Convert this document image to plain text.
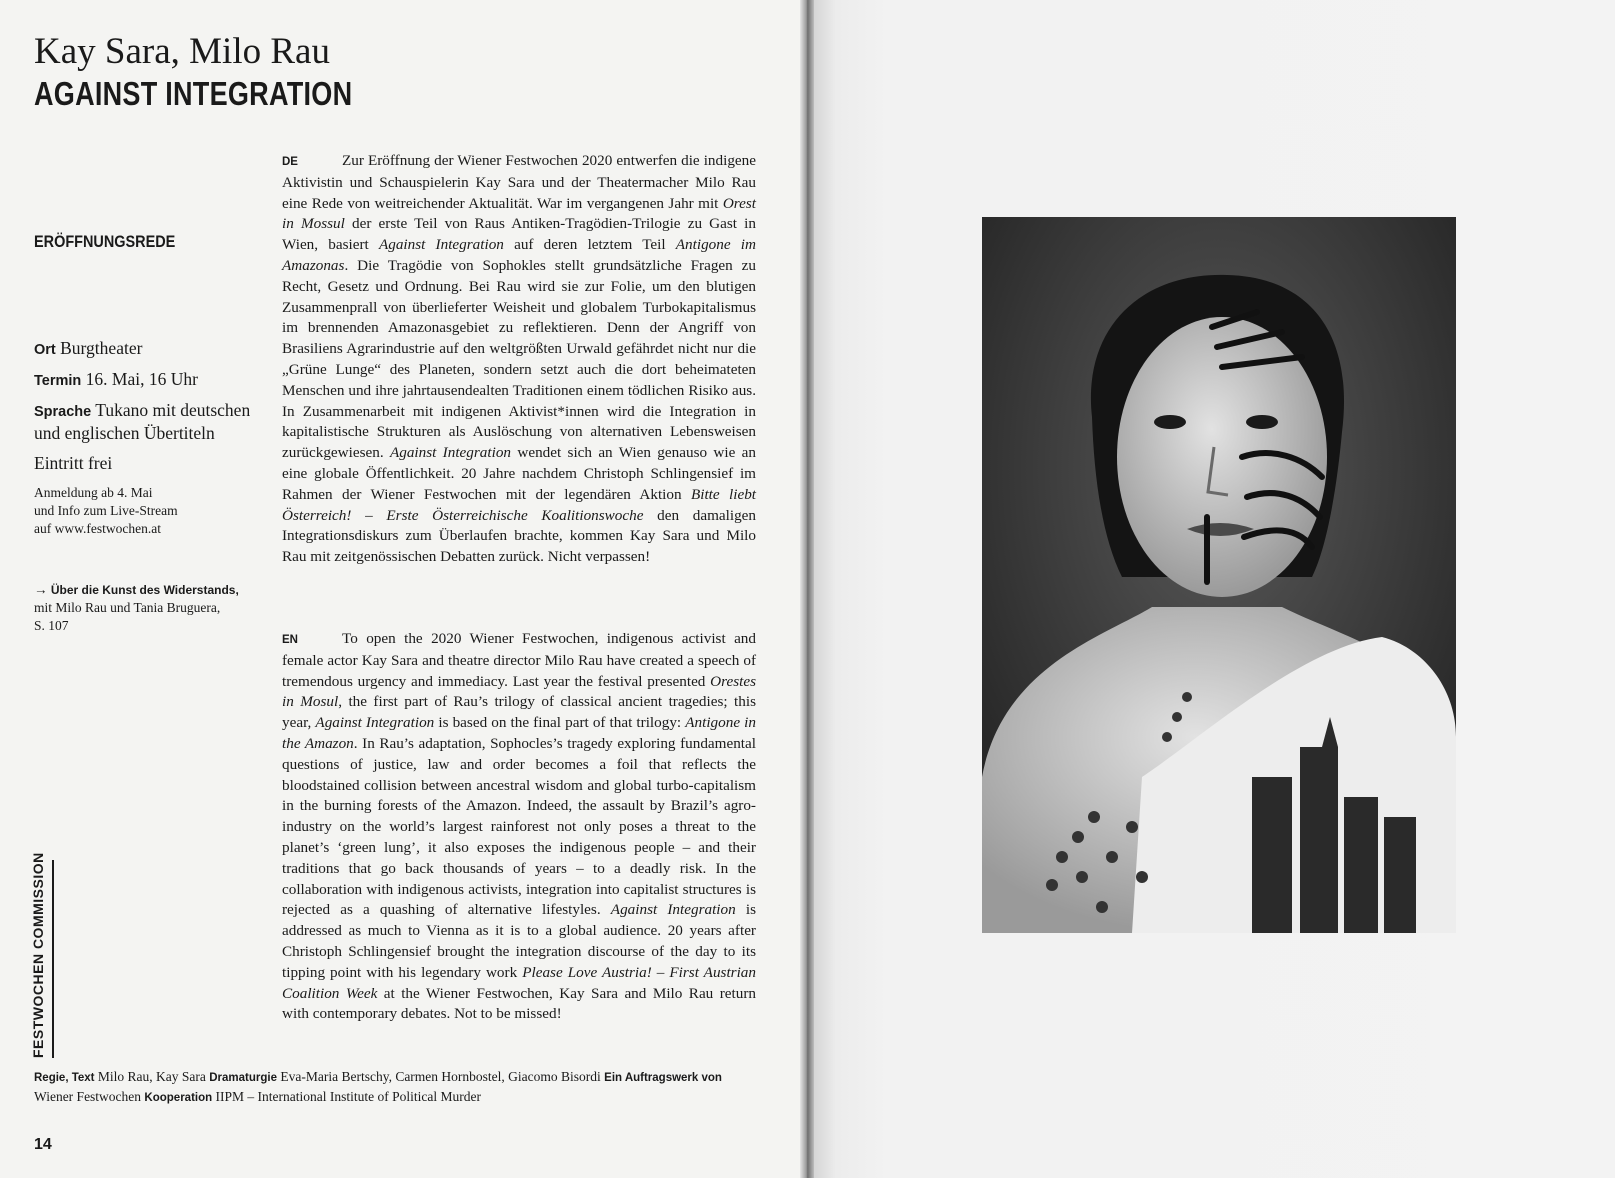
Kay Sara, Milo Rau
AGAINST INTEGRATION
ERÖFFNUNGSREDE
Ort Burgtheater
Termin 16. Mai, 16 Uhr
Sprache Tukano mit deutschen
und englischen Übertiteln
Eintritt frei
Anmeldung ab 4. Mai
und Info zum Live-Stream
auf www.festwochen.at
→ Über die Kunst des Widerstands,
mit Milo Rau und Tania Bruguera,
S. 107

DE	Zur Eröffnung der Wiener Festwochen 2020 entwerfen die indigene Aktivistin und Schauspielerin Kay Sara und der Theatermacher Milo Rau eine Rede von weitreichender Aktualität. War im vergangenen Jahr mit Orest in Mossul der erste Teil von Raus Antiken-Tragödien-Trilogie zu Gast in Wien, basiert Against Integration auf deren letztem Teil Antigone im Amazonas. Die Tragödie von Sophokles stellt grundsätzliche Fragen zu Recht, Gesetz und Ordnung. Bei Rau wird sie zur Folie, um den blutigen Zusammenprall von überlieferter Weisheit und globalem Turbokapitalismus im brennenden Amazonasgebiet zu reflektieren. Denn der Angriff von Brasiliens Agrarindustrie auf den weltgrößten Urwald gefährdet nicht nur die „Grüne Lunge“ des Planeten, sondern setzt auch die dort beheimateten Menschen und ihre jahrtausendealten Traditionen einem tödlichen Risiko aus. In Zusammenarbeit mit indigenen Aktivist*innen wird die Integration in kapitalistische Strukturen als Auslöschung von alternativen Lebensweisen zurückgewiesen. Against Integration wendet sich an Wien genauso wie an eine globale Öffentlichkeit. 20 Jahre nachdem Christoph Schlingensief im Rahmen der Wiener Festwochen mit der legendären Aktion Bitte liebt Österreich! – Erste Österreichische Koalitionswoche den damaligen Integrationsdiskurs zum Überlaufen brachte, kommen Kay Sara und Milo Rau mit zeitgenössischen Debatten zurück. Nicht verpassen!

EN	To open the 2020 Wiener Festwochen, indigenous activist and female actor Kay Sara and theatre director Milo Rau have created a speech of tremendous urgency and immediacy. Last year the festival presented Orestes in Mosul, the first part of Rau’s trilogy of classical ancient tragedies; this year, Against Integration is based on the final part of that trilogy: Antigone in the Amazon. In Rau’s adaptation, Sophocles’s tragedy exploring fundamental questions of justice, law and order becomes a foil that reflects the bloodstained collision between ancestral wisdom and global turbo-capitalism in the burning forests of the Amazon. Indeed, the assault by Brazil’s agro-industry on the world’s largest rainforest not only poses a threat to the planet’s ‘green lung’, it also exposes the indigenous people – and their traditions that go back thousands of years – to a deadly risk. In the collaboration with indigenous activists, integration into capitalist structures is rejected as a quashing of alternative lifestyles. Against Integration is addressed as much to Vienna as it is to a global audience. 20 years after Christoph Schlingensief brought the integration discourse of the day to its tipping point with his legendary work Please Love Austria! – First Austrian Coalition Week at the Wiener Festwochen, Kay Sara and Milo Rau return with contemporary debates. Not to be missed!

FESTWOCHEN COMMISSION
Regie, Text Milo Rau, Kay Sara Dramaturgie Eva-Maria Bertschy, Carmen Hornbostel, Giacomo Bisordi Ein Auftragswerk von Wiener Festwochen Kooperation IIPM – International Institute of Political Murder
14
